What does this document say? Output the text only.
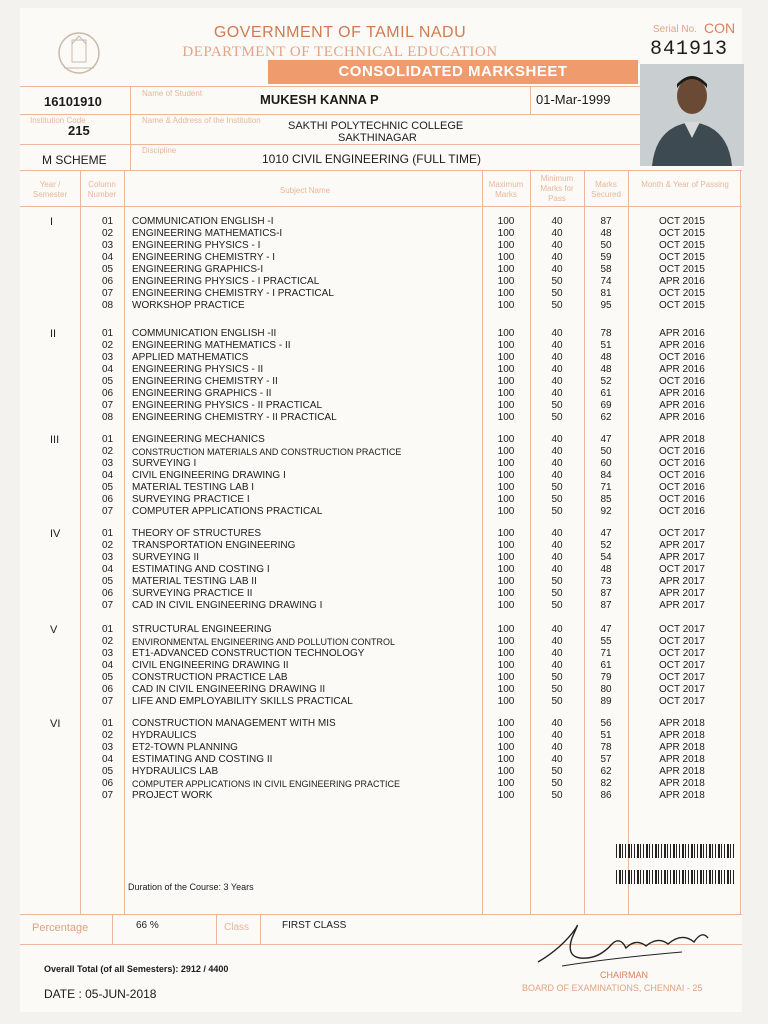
GOVERNMENT OF TAMIL NADU
DEPARTMENT OF TECHNICAL EDUCATION
CONSOLIDATED MARKSHEET
Serial No. CON
841913
16101910
Name of Student	MUKESH KANNA P	01-Mar-1999
Institution Code
215
Name & Address of the Institution SAKTHI POLYTECHNIC COLLEGE
SAKTHINAGAR
M SCHEME
Discipline
1010 CIVIL ENGINEERING (FULL TIME)
Year / Semester
Column Number	Subject Name
Maximum Marks
Minimum Marks for Pass
Marks Secured
Month & Year of Passing
I	01	COMMUNICATION ENGLISH -I	100	40	87	OCT 2015
02	ENGINEERING MATHEMATICS-I	100	40	48	OCT 2015
03	ENGINEERING PHYSICS - I	100	40	50	OCT 2015
04	ENGINEERING CHEMISTRY - I	100	40	59	OCT 2015
05	ENGINEERING GRAPHICS-I	100	40	58	OCT 2015
06	ENGINEERING PHYSICS - I PRACTICAL	100	50	74	APR 2016
07	ENGINEERING CHEMISTRY - I PRACTICAL	100	50	81	OCT 2015
08	WORKSHOP PRACTICE	100	50	95	OCT 2015
II	01	COMMUNICATION ENGLISH -II	100	40	78	APR 2016
02	ENGINEERING MATHEMATICS - II	100	40	51	APR 2016
03	APPLIED MATHEMATICS	100	40	48	OCT 2016
04	ENGINEERING PHYSICS - II	100	40	48	APR 2016
05	ENGINEERING CHEMISTRY - II	100	40	52	OCT 2016
06	ENGINEERING GRAPHICS - II	100	40	61	APR 2016
07	ENGINEERING PHYSICS - II PRACTICAL	100	50	69	APR 2016
08	ENGINEERING CHEMISTRY - II PRACTICAL	100	50	62	APR 2016
III	01	ENGINEERING MECHANICS	100	40	47	APR 2018
02	CONSTRUCTION MATERIALS AND CONSTRUCTION PRACTICE	100	40	50	OCT 2016
03	SURVEYING I	100	40	60	OCT 2016
04	CIVIL ENGINEERING DRAWING I	100	40	84	OCT 2016
05	MATERIAL TESTING LAB I	100	50	71	OCT 2016
06	SURVEYING PRACTICE I	100	50	85	OCT 2016
07	COMPUTER APPLICATIONS PRACTICAL	100	50	92	OCT 2016
IV	01	THEORY OF STRUCTURES	100	40	47	OCT 2017
02	TRANSPORTATION ENGINEERING	100	40	52	APR 2017
03	SURVEYING II	100	40	54	APR 2017
04	ESTIMATING AND COSTING I	100	40	48	OCT 2017
05	MATERIAL TESTING LAB II	100	50	73	APR 2017
06	SURVEYING PRACTICE II	100	50	87	APR 2017
07	CAD IN CIVIL ENGINEERING DRAWING I	100	50	87	APR 2017
V	01	STRUCTURAL ENGINEERING	100	40	47	OCT 2017
02	ENVIRONMENTAL ENGINEERING AND POLLUTION CONTROL	100	40	55	OCT 2017
03	ET1-ADVANCED CONSTRUCTION TECHNOLOGY	100	40	71	OCT 2017
04	CIVIL ENGINEERING DRAWING II	100	40	61	OCT 2017
05	CONSTRUCTION PRACTICE LAB	100	50	79	OCT 2017
06	CAD IN CIVIL ENGINEERING DRAWING II	100	50	80	OCT 2017
07	LIFE AND EMPLOYABILITY SKILLS PRACTICAL	100	50	89	OCT 2017
VI	01	CONSTRUCTION MANAGEMENT WITH MIS	100	40	56	APR 2018
02	HYDRAULICS	100	40	51	APR 2018
03	ET2-TOWN PLANNING	100	40	78	APR 2018
04	ESTIMATING AND COSTING II	100	40	57	APR 2018
05	HYDRAULICS LAB	100	50	62	APR 2018
06	COMPUTER APPLICATIONS IN CIVIL ENGINEERING PRACTICE	100	50	82	APR 2018
07	PROJECT WORK	100	50	86	APR 2018
Duration of the Course: 3 Years
Percentage	66 %	Class	FIRST CLASS
Overall Total (of all Semesters): 2912 / 4400
DATE : 05-JUN-2018
CHAIRMAN
BOARD OF EXAMINATIONS, CHENNAI - 25
